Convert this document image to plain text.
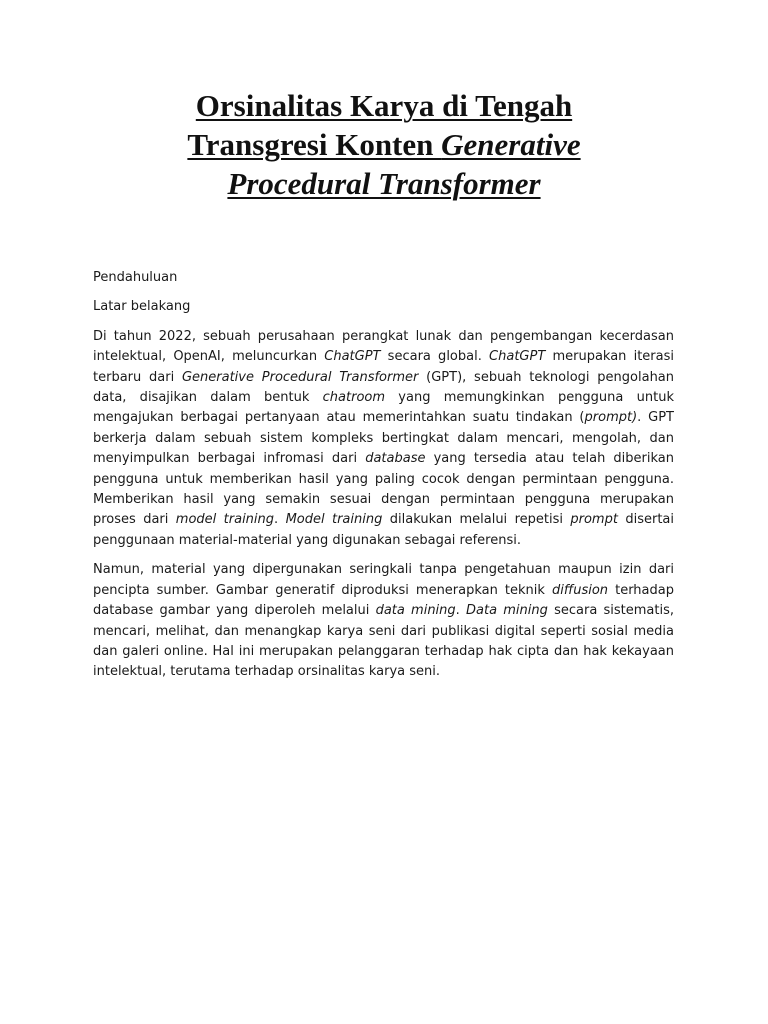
Orsinalitas Karya di Tengah
Transgresi Konten Generative
Procedural Transformer

Pendahuluan

Latar belakang

Di tahun 2022, sebuah perusahaan perangkat lunak dan pengembangan kecerdasan intelektual, OpenAI, meluncurkan ChatGPT secara global. ChatGPT merupakan iterasi terbaru dari Generative Procedural Transformer (GPT), sebuah teknologi pengolahan data, disajikan dalam bentuk chatroom yang memungkinkan pengguna untuk mengajukan berbagai pertanyaan atau memerintahkan suatu tindakan (prompt). GPT berkerja dalam sebuah sistem kompleks bertingkat dalam mencari, mengolah, dan menyimpulkan berbagai infromasi dari database yang tersedia atau telah diberikan pengguna untuk memberikan hasil yang paling cocok dengan permintaan pengguna. Memberikan hasil yang semakin sesuai dengan permintaan pengguna merupakan proses dari model training. Model training dilakukan melalui repetisi prompt disertai penggunaan material-material yang digunakan sebagai referensi.

Namun, material yang dipergunakan seringkali tanpa pengetahuan maupun izin dari pencipta sumber. Gambar generatif diproduksi menerapkan teknik diffusion terhadap database gambar yang diperoleh melalui data mining. Data mining secara sistematis, mencari, melihat, dan menangkap karya seni dari publikasi digital seperti sosial media dan galeri online. Hal ini merupakan pelanggaran terhadap hak cipta dan hak kekayaan intelektual, terutama terhadap orsinalitas karya seni.
